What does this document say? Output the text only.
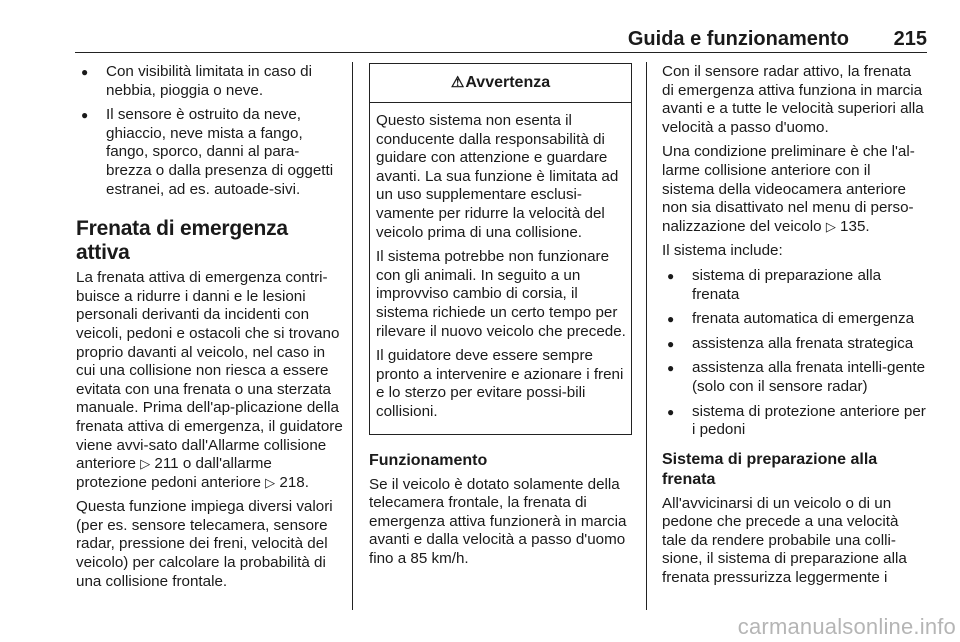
Guida e funzionamento 215
● Con visibilità limitata in caso di nebbia, pioggia o neve.
● Il sensore è ostruito da neve, ghiaccio, neve mista a fango, fango, sporco, danni al para-brezza o dalla presenza di oggetti estranei, ad es. autoade-sivi.
Frenata di emergenza attiva

La frenata attiva di emergenza contri-buisce a ridurre i danni e le lesioni personali derivanti da incidenti con veicoli, pedoni e ostacoli che si trovano proprio davanti al veicolo, nel caso in cui una collisione non riesca a essere evitata con una frenata o una sterzata manuale. Prima dell'ap-plicazione della frenata attiva di emergenza, il guidatore viene avvi-sato dall'Allarme collisione anteriore ▷ 211 o dall'allarme protezione pedoni anteriore ▷ 218.

Questa funzione impiega diversi valori (per es. sensore telecamera, sensore radar, pressione dei freni, velocità del veicolo) per calcolare la probabilità di una collisione frontale.

⚠ Avvertenza

Questo sistema non esenta il conducente dalla responsabilità di guidare con attenzione e guardare avanti. La sua funzione è limitata ad un uso supplementare esclusi-vamente per ridurre la velocità del veicolo prima di una collisione.

Il sistema potrebbe non funzionare con gli animali. In seguito a un improvviso cambio di corsia, il sistema richiede un certo tempo per rilevare il nuovo veicolo che precede.

Il guidatore deve essere sempre pronto a intervenire e azionare i freni e lo sterzo per evitare possi-bili collisioni.

Funzionamento

Se il veicolo è dotato solamente della telecamera frontale, la frenata di emergenza attiva funzionerà in marcia avanti e dalla velocità a passo d'uomo fino a 85 km/h.

Con il sensore radar attivo, la frenata di emergenza attiva funziona in marcia avanti e a tutte le velocità superiori alla velocità a passo d'uomo.

Una condizione preliminare è che l'al-larme collisione anteriore con il sistema della videocamera anteriore non sia disattivato nel menu di perso-nalizzazione del veicolo ▷ 135.

Il sistema include:

● sistema di preparazione alla frenata
● frenata automatica di emergenza
● assistenza alla frenata strategica
● assistenza alla frenata intelli-gente (solo con il sensore radar)
● sistema di protezione anteriore per i pedoni
Sistema di preparazione alla frenata

All'avvicinarsi di un veicolo o di un pedone che precede a una velocità tale da rendere probabile una colli-sione, il sistema di preparazione alla frenata pressurizza leggermente i

carmanualsonline.info
